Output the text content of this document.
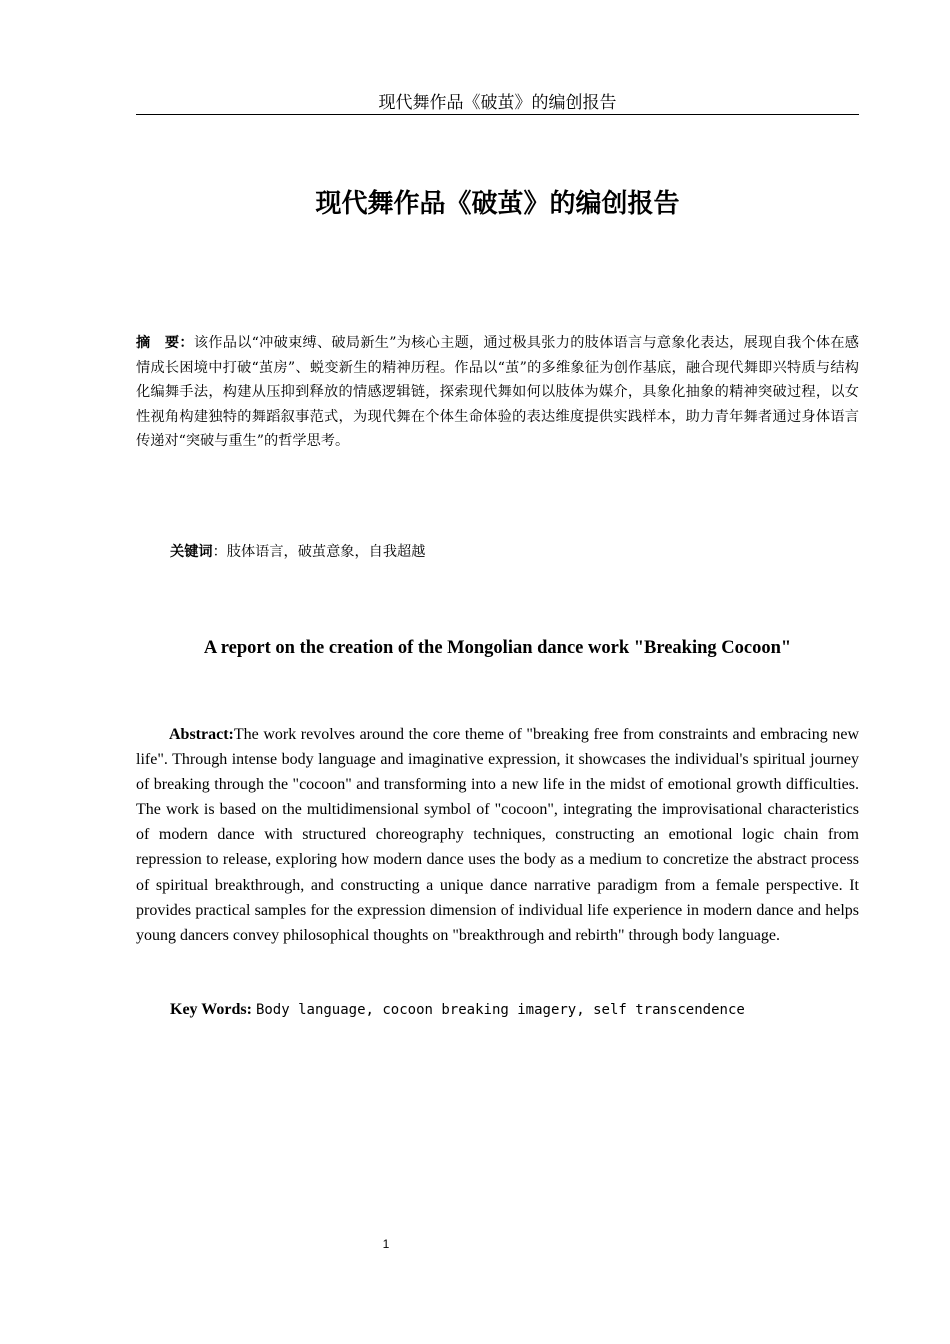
现代舞作品《破茧》的编创报告
现代舞作品《破茧》的编创报告
摘　要：该作品以“冲破束缚、破局新生”为核心主题，通过极具张力的肢体语言与意象化表达，展现自我个体在感情成长困境中打破“茧房”、蜕变新生的精神历程。作品以“茧”的多维象征为创作基底，融合现代舞即兴特质与结构化编舞手法，构建从压抑到释放的情感逻辑链，探索现代舞如何以肢体为媒介，具象化抽象的精神突破过程，以女性视角构建独特的舞蹈叙事范式，为现代舞在个体生命体验的表达维度提供实践样本，助力青年舞者通过身体语言传递对“突破与重生”的哲学思考。
关键词：肢体语言，破茧意象，自我超越
A report on the creation of the Mongolian dance work "Breaking Cocoon"
Abstract:The work revolves around the core theme of "breaking free from constraints and embracing new life". Through intense body language and imaginative expression, it showcases the individual's spiritual journey of breaking through the "cocoon" and transforming into a new life in the midst of emotional growth difficulties. The work is based on the multidimensional symbol of "cocoon", integrating the improvisational characteristics of modern dance with structured choreography techniques, constructing an emotional logic chain from repression to release, exploring how modern dance uses the body as a medium to concretize the abstract process of spiritual breakthrough, and constructing a unique dance narrative paradigm from a female perspective. It provides practical samples for the expression dimension of individual life experience in modern dance and helps young dancers convey philosophical thoughts on "breakthrough and rebirth" through body language.
Key Words: Body language, cocoon breaking imagery, self transcendence
1
